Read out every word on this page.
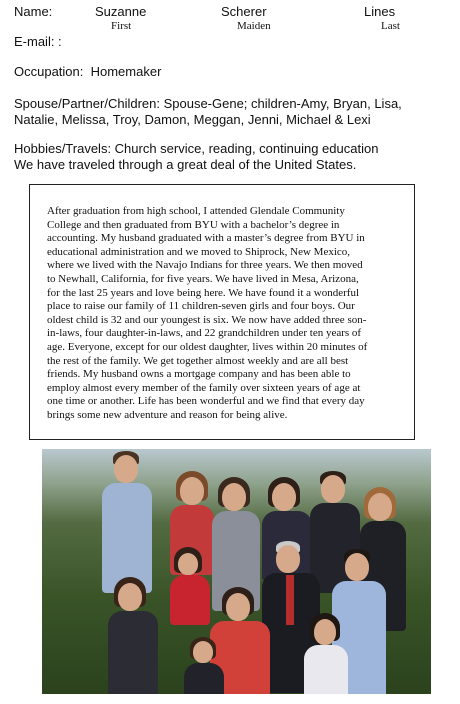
Name:	Suzanne	Scherer	Lines
First	Maiden	Last
E-mail: :
Occupation: Homemaker
Spouse/Partner/Children: Spouse-Gene; children-Amy, Bryan, Lisa,
Natalie, Melissa, Troy, Damon, Meggan, Jenni, Michael & Lexi
Hobbies/Travels: Church service, reading, continuing education
We have traveled through a great deal of the United States.
After graduation from high school, I attended Glendale Community
College and then graduated from BYU with a bachelor’s degree in
accounting. My husband graduated with a master’s degree from BYU in
educational administration and we moved to Shiprock, New Mexico,
where we lived with the Navajo Indians for three years. We then moved
to Newhall, California, for five years. We have lived in Mesa, Arizona,
for the last 25 years and love being here. We have found it a wonderful
place to raise our family of 11 children-seven girls and four boys. Our
oldest child is 32 and our youngest is six. We now have added three son-
in-laws, four daughter-in-laws, and 22 grandchildren under ten years of
age. Everyone, except for our oldest daughter, lives within 20 minutes of
the rest of the family. We get together almost weekly and are all best
friends. My husband owns a mortgage company and has been able to
employ almost every member of the family over sixteen years of age at
one time or another. Life has been wonderful and we find that every day
brings some new adventure and reason for being alive.
